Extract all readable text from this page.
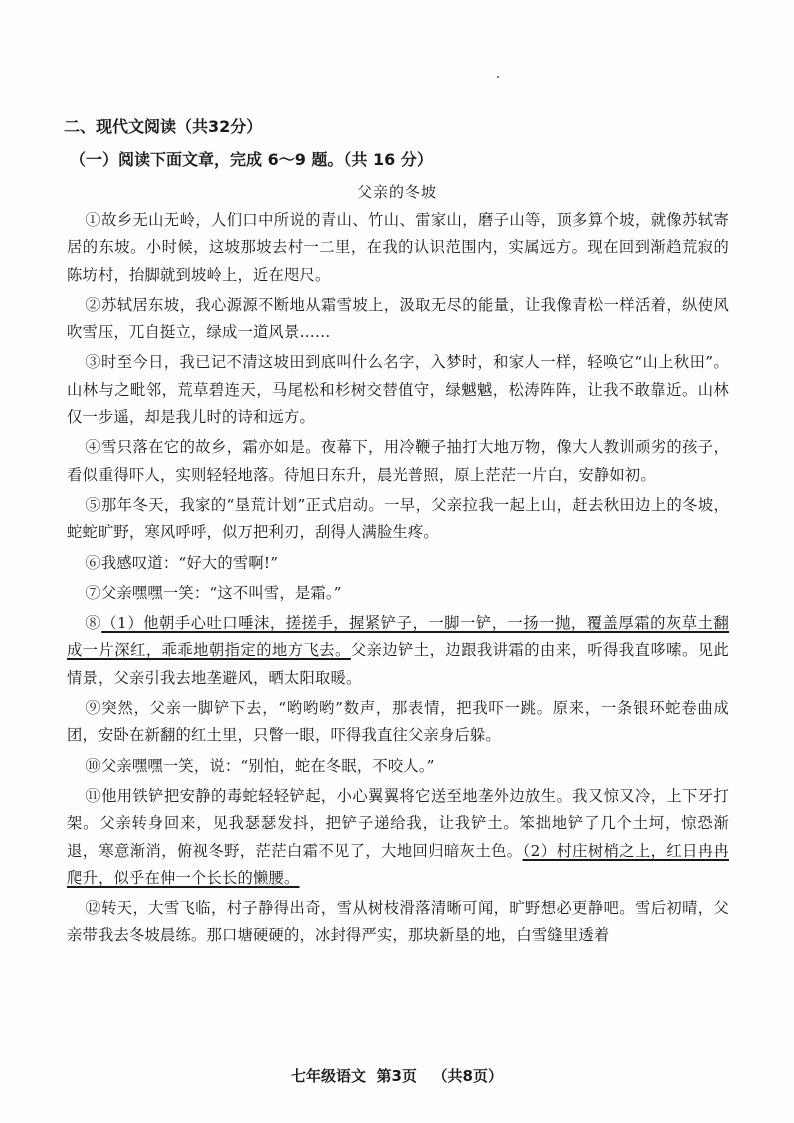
二、现代文阅读（共32分）
（一）阅读下面文章，完成 6～9 题。（共 16 分）
父亲的冬坡

①故乡无山无岭，人们口中所说的青山、竹山、雷家山，磨子山等，顶多算个坡，就像苏轼寄居的东坡。小时候，这坡那坡去村一二里，在我的认识范围内，实属远方。现在回到渐趋荒寂的陈坊村，抬脚就到坡岭上，近在咫尺。

②苏轼居东坡，我心源源不断地从霜雪坡上，汲取无尽的能量，让我像青松一样活着，纵使风吹雪压，兀自挺立，绿成一道风景……

③时至今日，我已记不清这坡田到底叫什么名字，入梦时，和家人一样，轻唤它“山上秋田”。山林与之毗邻，荒草碧连天，马尾松和杉树交替值守，绿魆魆，松涛阵阵，让我不敢靠近。山林仅一步遥，却是我儿时的诗和远方。

④雪只落在它的故乡，霜亦如是。夜幕下，用冷鞭子抽打大地万物，像大人教训顽劣的孩子，看似重得吓人，实则轻轻地落。待旭日东升，晨光普照，原上茫茫一片白，安静如初。

⑤那年冬天，我家的“垦荒计划”正式启动。一早，父亲拉我一起上山，赶去秋田边上的冬坡，蛇蛇旷野，寒风呼呼，似万把利刃，刮得人满脸生疼。

⑥我感叹道：“好大的雪啊!”

⑦父亲嘿嘿一笑：“这不叫雪，是霜。”

⑧（1）他朝手心吐口唾沫，搓搓手，握紧铲子，一脚一铲，一扬一抛，覆盖厚霜的灰草土翻成一片深红，乖乖地朝指定的地方飞去。父亲边铲土，边跟我讲霜的由来，听得我直哆嗦。见此情景，父亲引我去地垄避风，晒太阳取暖。

⑨突然，父亲一脚铲下去，“哟哟哟”数声，那表情，把我吓一跳。原来，一条银环蛇卷曲成团，安卧在新翻的红土里，只瞥一眼，吓得我直往父亲身后躲。

⑩父亲嘿嘿一笑，说：“别怕，蛇在冬眠，不咬人。”

⑪他用铁铲把安静的毒蛇轻轻铲起，小心翼翼将它送至地垄外边放生。我又惊又冷，上下牙打架。父亲转身回来，见我瑟瑟发抖，把铲子递给我，让我铲土。笨拙地铲了几个土坷，惊恐渐退，寒意渐消，俯视冬野，茫茫白霜不见了，大地回归暗灰土色。（2）村庄树梢之上，红日冉冉爬升，似乎在伸一个长长的懒腰。

⑫转天，大雪飞临，村子静得出奇，雪从树枝滑落清晰可闻，旷野想必更静吧。雪后初晴，父亲带我去冬坡晨练。那口塘硬硬的，冰封得严实，那块新垦的地，白雪缝里透着

七年级语文  第3页   （共8页）
